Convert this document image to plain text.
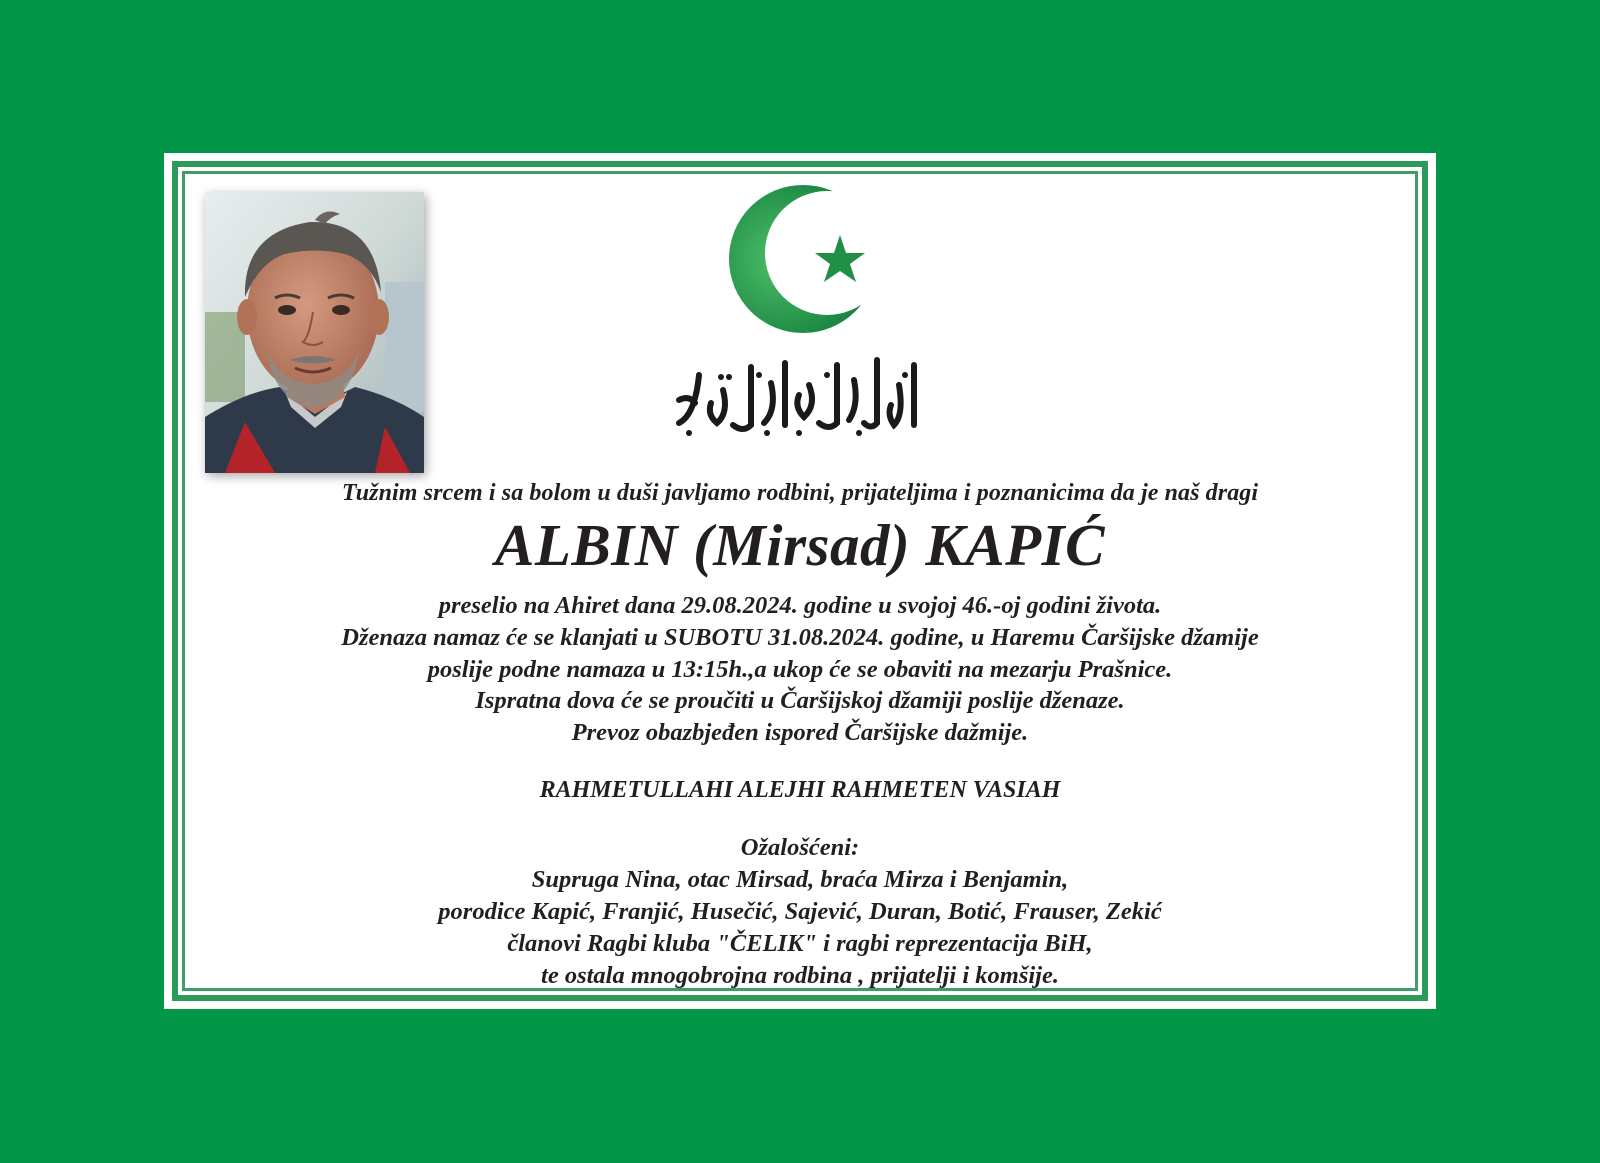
Tužnim srcem i sa bolom u duši javljamo rodbini, prijateljima i poznanicima da je naš dragi
ALBIN (Mirsad) KAPIĆ
preselio na Ahiret dana 29.08.2024. godine u svojoj 46.-oj godini života.
Dženaza namaz će se klanjati u SUBOTU 31.08.2024. godine, u Haremu Čaršijske džamije
poslije podne namaza u 13:15h.,a ukop će se obaviti na mezarju Prašnice.
Ispratna dova će se proučiti u Čaršijskoj džamiji poslije dženaze.
Prevoz obazbjeđen ispored Čaršijske dažmije.
RAHMETULLAHI ALEJHI RAHMETEN VASIAH
Ožalošćeni:
Supruga Nina, otac Mirsad, braća Mirza i Benjamin,
porodice Kapić, Franjić, Husečić, Sajević, Duran, Botić, Frauser, Zekić
članovi Ragbi kluba "ČELIK" i ragbi reprezentacija BiH,
te ostala mnogobrojna rodbina , prijatelji i komšije.
